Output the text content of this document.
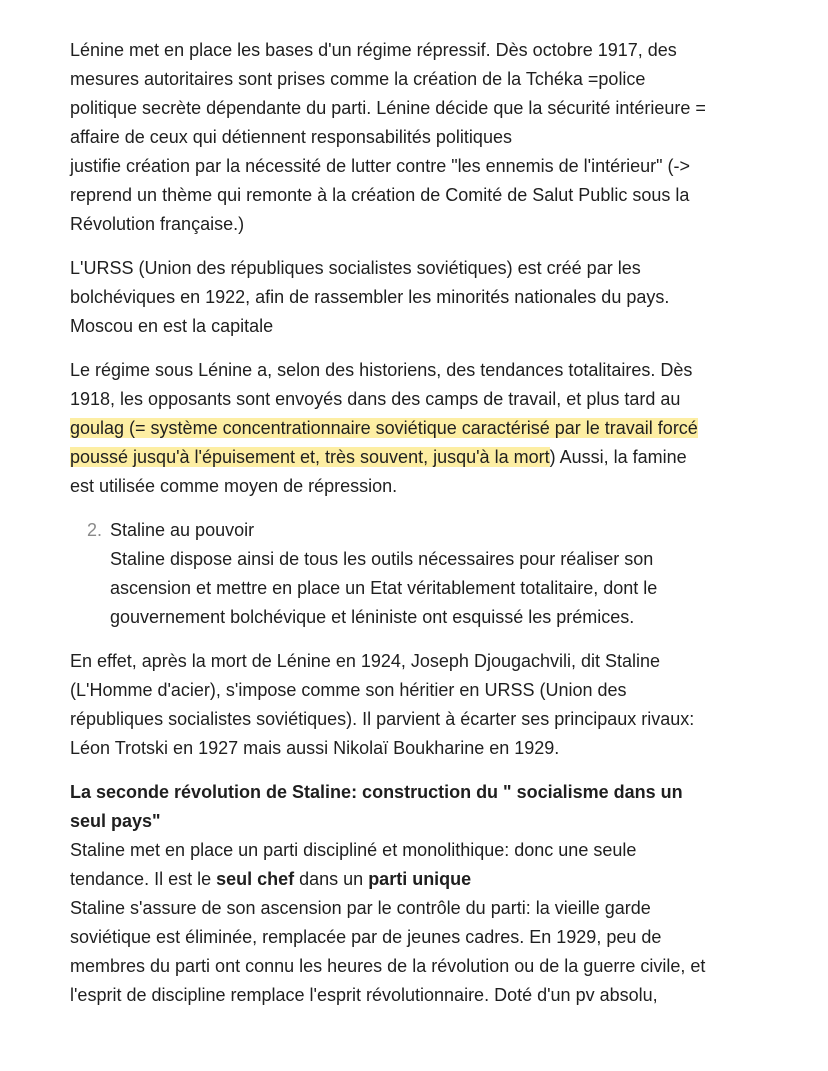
Lénine met en place les bases d'un régime répressif. Dès octobre 1917, des
mesures autoritaires sont prises comme la création de la Tchéka =police
politique secrète dépendante du parti. Lénine décide que la sécurité intérieure =
affaire de ceux qui détiennent responsabilités politiques
justifie création par la nécessité de lutter contre "les ennemis de l'intérieur" (->
reprend un thème qui remonte à la création de Comité de Salut Public sous la
Révolution française.)

L'URSS (Union des républiques socialistes soviétiques) est créé par les
bolchéviques en 1922, afin de rassembler les minorités nationales du pays.
Moscou en est la capitale

Le régime sous Lénine a, selon des historiens, des tendances totalitaires. Dès
1918, les opposants sont envoyés dans des camps de travail, et plus tard au
goulag (= système concentrationnaire soviétique caractérisé par le travail forcé
poussé jusqu'à l'épuisement et, très souvent, jusqu'à la mort) Aussi, la famine
est utilisée comme moyen de répression.

2. Staline au pouvoir
Staline dispose ainsi de tous les outils nécessaires pour réaliser son
ascension et mettre en place un Etat véritablement totalitaire, dont le
gouvernement bolchévique et léniniste ont esquissé les prémices.

En effet, après la mort de Lénine en 1924, Joseph Djougachvili, dit Staline
(L'Homme d'acier), s'impose comme son héritier en URSS (Union des
républiques socialistes soviétiques). Il parvient à écarter ses principaux rivaux:
Léon Trotski en 1927 mais aussi Nikolaï Boukharine en 1929.

La seconde révolution de Staline: construction du " socialisme dans un
seul pays"
Staline met en place un parti discipliné et monolithique: donc une seule
tendance. Il est le seul chef dans un parti unique
Staline s'assure de son ascension par le contrôle du parti: la vieille garde
soviétique est éliminée, remplacée par de jeunes cadres. En 1929, peu de
membres du parti ont connu les heures de la révolution ou de la guerre civile, et
l'esprit de discipline remplace l'esprit révolutionnaire. Doté d'un pv absolu,
